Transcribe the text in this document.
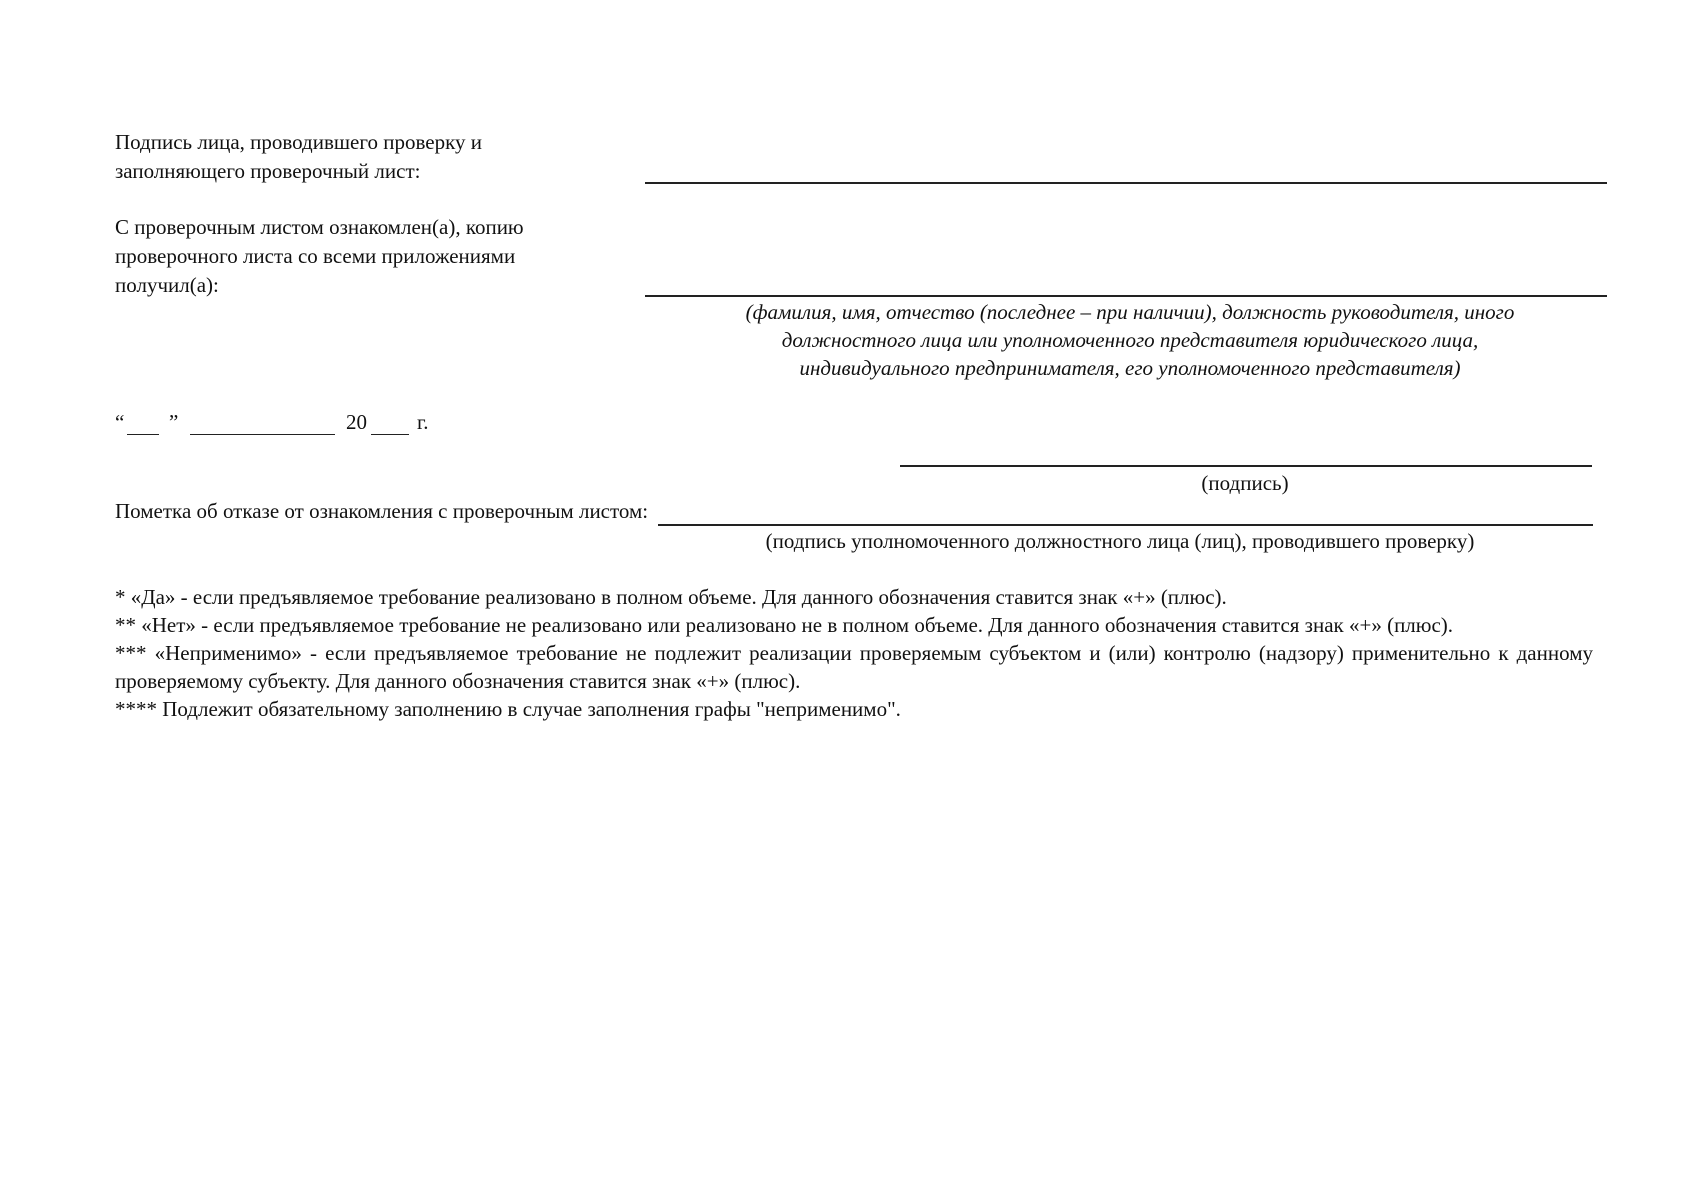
Подпись лица, проводившего проверку и
заполняющего проверочный лист:
С проверочным листом ознакомлен(а), копию
проверочного листа со всеми приложениями
получил(а):
(фамилия, имя, отчество (последнее – при наличии), должность руководителя, иного
должностного лица или уполномоченного представителя юридического лица,
индивидуального предпринимателя, его уполномоченного представителя)
“ ”	20 г.
(подпись)
Пометка об отказе от ознакомления с проверочным листом:
(подпись уполномоченного должностного лица (лиц), проводившего проверку)
* «Да» - если предъявляемое требование реализовано в полном объеме. Для данного обозначения ставится знак «+» (плюс).
** «Нет» - если предъявляемое требование не реализовано или реализовано не в полном объеме. Для данного обозначения ставится знак «+» (плюс).
*** «Неприменимо» - если предъявляемое требование не подлежит реализации проверяемым субъектом и (или) контролю (надзору) применительно к данному проверяемому субъекту. Для данного обозначения ставится знак «+» (плюс).
**** Подлежит обязательному заполнению в случае заполнения графы "неприменимо".
